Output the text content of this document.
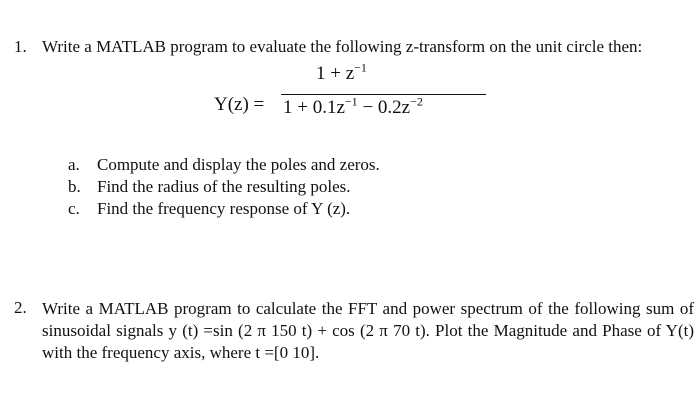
1. Write a MATLAB program to evaluate the following z-transform on the unit circle then:
Y(z) =
$1 + z^{-1}$
$1 + 0.1z^{-1} - 0.2z^{-2}$
a. Compute and display the poles and zeros.
b. Find the radius of the resulting poles.
c. Find the frequency response of Y (z).
2. Write a MATLAB program to calculate the FFT and power spectrum of the following sum of sinusoidal signals y (t) =sin (2 π 150 t) + cos (2 π 70 t). Plot the Magnitude and Phase of Y(t) with the frequency axis, where t =[0 10].
